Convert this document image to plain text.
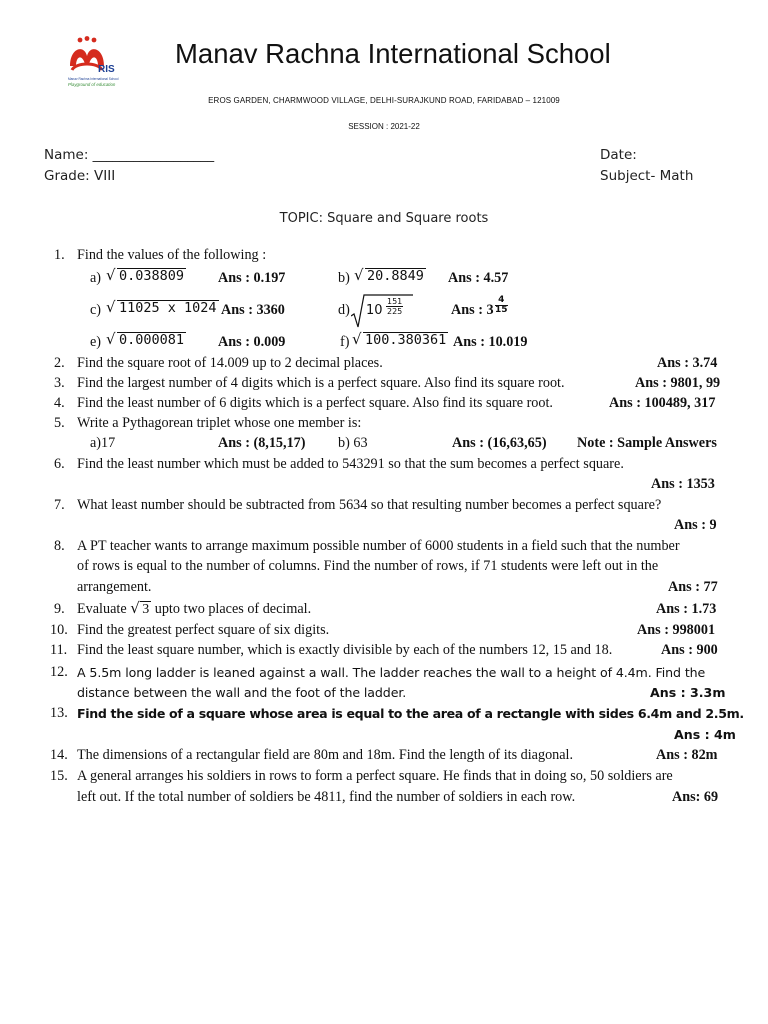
RIS
Manav Rachna International School
Playground of education
Manav Rachna International School
EROS GARDEN, CHARMWOOD VILLAGE, DELHI-SURAJKUND ROAD, FARIDABAD – 121009
SESSION : 2021-22
Name: __________________	Date:
Grade: VIII	Subject- Math
TOPIC: Square and Square roots
1. Find the values of the following :
a)	√ 0.038809 Ans : 0.197	b)	√ 20.8849 Ans : 4.57
c)	√ 11025 x 1024 Ans : 3360	d) $10 \frac{151}{225}$	Ans : $3 \frac{4}{15}$
e)	√ 0.000081 Ans : 0.009	f)	√ 100.380361 Ans : 10.019
2. Find the square root of 14.009 up to 2 decimal places.	Ans : 3.74
3. Find the largest number of 4 digits which is a perfect square. Also find its square root.	Ans : 9801, 99
4. Find the least number of 6 digits which is a perfect square. Also find its square root.	Ans : 100489, 317
5. Write a Pythagorean triplet whose one member is:
a)17	Ans : (8,15,17) b) 63	Ans : (16,63,65) Note : Sample Answers
6. Find the least number which must be added to 543291 so that the sum becomes a perfect square.
Ans : 1353
7. What least number should be subtracted from 5634 so that resulting number becomes a perfect square?
Ans : 9
8. A PT teacher wants to arrange maximum possible number of 6000 students in a field such that the number
of rows is equal to the number of columns. Find the number of rows, if 71 students were left out in the
arrangement.	Ans : 77
9. Evaluate √ 3 upto two places of decimal.	Ans : 1.73
10. Find the greatest perfect square of six digits.	Ans : 998001
11. Find the least square number, which is exactly divisible by each of the numbers 12, 15 and 18.	Ans : 900
12. A 5.5m long ladder is leaned against a wall. The ladder reaches the wall to a height of 4.4m. Find the
distance between the wall and the foot of the ladder.	Ans : 3.3m
13. Find the side of a square whose area is equal to the area of a rectangle with sides 6.4m and 2.5m.
Ans : 4m
14. The dimensions of a rectangular field are 80m and 18m. Find the length of its diagonal.	Ans : 82m
15. A general arranges his soldiers in rows to form a perfect square. He finds that in doing so, 50 soldiers are
left out. If the total number of soldiers be 4811, find the number of soldiers in each row.	Ans: 69
